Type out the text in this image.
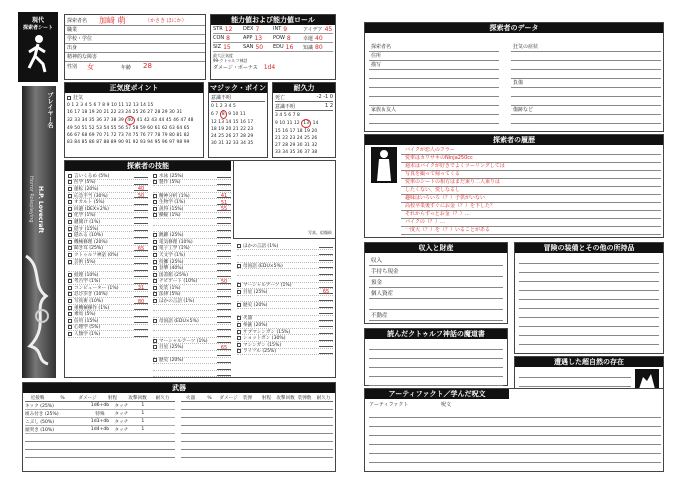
現代
探索者シート
プレイヤー名
Horror Roleplaying H.P. Lovecraft
探索者名 加﨑 萌	（かさき ほにか）
職業
学校・学位
出身
精神的な障害
性別 女	年齢 28
能力値および能力値ロール
STR 12 DEX 7	INT 9	アイデア 45
CON 8	APP 13 POW 8 幸運 40
SIZ 15 SAN 50 EDU 16 知識 80
最大正気度
99-クトゥルフ神話
ダメージ・ボーナス 1d4
正気度ポイント
狂気
0 1 2 3 4 5 6 7 8 9 10 11 12 13 14 15
16 17 18 19 20 21 22 23 24 25 26 27 28 29 30 31
32 33 34 35 36 37 38 39 40 41 42 43 44 45 46 47 48
49 50 51 52 53 54 55 56 57 58 59 60 61 62 63 64 65
66 67 68 69 70 71 72 73 74 75 76 77 78 79 80 81 82
83 84 85 86 87 88 89 90 91 92 93 94 95 96 97 98 99
マジック・ポイント
意識不明
0 1 2 3 4 5
6 7 8 9 10 11
12 13 14 15 16 17
18 19 20 21 22 23
24 25 26 27 28 29
30 31 32 33 34 35
耐久力
死亡	-2 -1 0
意識不明	1 2
3 4 5 6 7 8
9 10 11 12 13 14
15 16 17 18 19 20
21 22 23 24 25 26
27 28 29 30 31 32
33 34 35 36 37 38
探索者の技能
写真、似顔絵
言いくるめ (5%)
医学 (5%)
運転 (20%)	40
応急手当 (30%)	50
オカルト (5%)
回避 (DEX×2%)
化学 (1%)
鍵開け (1%)
隠す (15%)
隠れる (10%)
機械修理 (20%)
聞き耳 (25%)	65
クトゥルフ神話 (0%)
芸術 (5%)
経理 (10%)
考古学 (1%)
コンピューター (1%)	31
忍び歩き (10%)
写真術 (10%)	80
重機械操作 (1%)
乗馬 (5%)
信用 (15%)
心理学 (5%)
人類学 (1%)
水泳 (25%)
製作 (5%)
精神分析 (1%)	41
生物学 (1%)	51
説得 (15%)	55
操縦 (1%)
跳躍 (25%)
電気修理 (10%)
電子工学 (1%)
天文学 (1%)
投擲 (25%)
登攀 (40%)
図書館 (25%)
ナビゲート (10%)	50
変装 (1%)
法律 (5%)
ほかの言語 (1%)
母国語 (EDU×5%)
マーシャルアーツ (1%)
目星 (25%)	65
歴史 (20%)
ほかの言語 (1%)
母国語 (EDU×5%)
マーシャルアーツ (1%)
目星 (25%)	65
歴史 (20%)
火器
拳銃 (20%)
サブマシンガン (15%)
ショットガン (30%)
マシンガン (15%)
ライフル (25%)
武器
近接戦	%	ダメージ	射程	攻撃回数	耐久力
キック (25%)	1d6+db	タッチ	1
組み付き (25%)	特殊	タッチ	1
こぶし (50%)	1d3+db	タッチ	1
頭突き (10%)	1d4+db	タッチ	1
火器	%	ダメージ	装弾	射程	攻撃回数 装弾数	耐久力
探索者のデータ
探索者名
住所
描写
家族＆友人
狂気の症状
負傷
傷跡など
探索者の履歴
バイクが恋人のフラー
愛車はカワサキのNinja250cc
週末はバイクが好きでよくツーリングしては
写真を撮って帰ってくる
愛車のシートの相方はまだ乗り二人乗りは
したくない、愛しなるし
趣味はいろいろ（？）子供がいない
高校卒業後すぐにお金（？）を下した？
それからずっとお金（？）…
バイクの（？）…
一度大（？）を（？）いることがある
収入と財産
収入
手持ち現金
預金
個人資産
不動産
冒険の装備とその他の所持品
読んだクトゥルフ神話の魔道書
遭遇した超自然の存在
アーティファクト／学んだ呪文
アーティファクト	呪文
